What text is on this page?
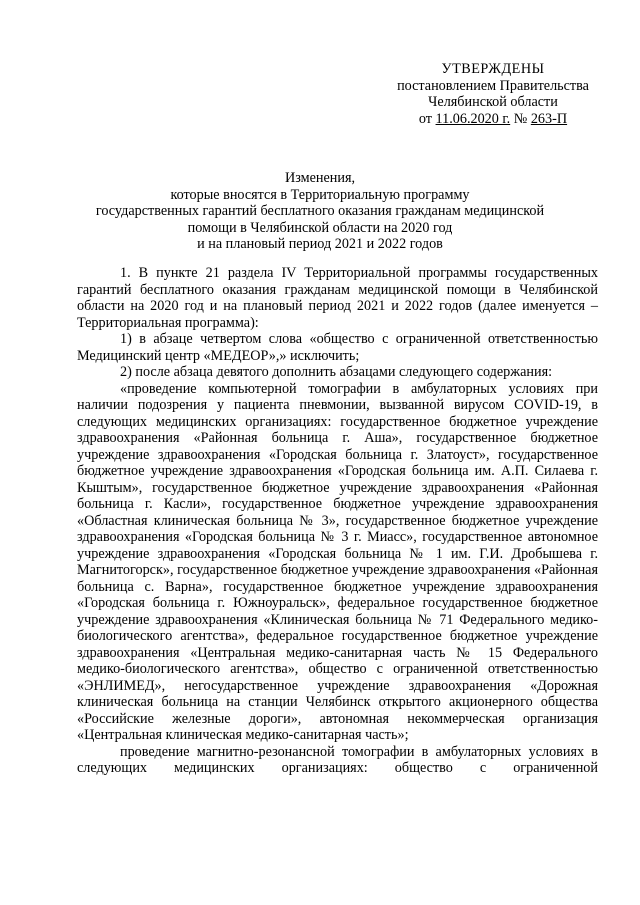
УТВЕРЖДЕНЫ
постановлением Правительства
Челябинской области
от 11.06.2020 г. № 263-П
Изменения,
которые вносятся в Территориальную программу
государственных гарантий бесплатного оказания гражданам медицинской
помощи в Челябинской области на 2020 год
и на плановый период 2021 и 2022 годов

1. В пункте 21 раздела IV Территориальной программы государственных гарантий бесплатного оказания гражданам медицинской помощи в Челябинской области на 2020 год и на плановый период 2021 и 2022 годов (далее именуется – Территориальная программа):

1) в абзаце четвертом слова «общество с ограниченной ответственностью Медицинский центр «МЕДЕОР»,» исключить;

2) после абзаца девятого дополнить абзацами следующего содержания:

«проведение компьютерной томографии в амбулаторных условиях при наличии подозрения у пациента пневмонии, вызванной вирусом COVID-19, в следующих медицинских организациях: государственное бюджетное учреждение здравоохранения «Районная больница г. Аша», государственное бюджетное учреждение здравоохранения «Городская больница г. Златоуст», государственное бюджетное учреждение здравоохранения «Городская больница им. А.П. Силаева г. Кыштым», государственное бюджетное учреждение здравоохранения «Районная больница г. Касли», государственное бюджетное учреждение здравоохранения «Областная клиническая больница № 3», государственное бюджетное учреждение здравоохранения «Городская больница № 3 г. Миасс», государственное автономное учреждение здравоохранения «Городская больница № 1 им. Г.И. Дробышева г. Магнитогорск», государственное бюджетное учреждение здравоохранения «Районная больница с. Варна», государственное бюджетное учреждение здравоохранения «Городская больница г. Южноуральск», федеральное государственное бюджетное учреждение здравоохранения «Клиническая больница № 71 Федерального медико-биологического агентства», федеральное государственное бюджетное учреждение здравоохранения «Центральная медико-санитарная часть № 15 Федерального медико-биологического агентства», общество с ограниченной ответственностью «ЭНЛИМЕД», негосударственное учреждение здравоохранения «Дорожная клиническая больница на станции Челябинск открытого акционерного общества «Российские железные дороги», автономная некоммерческая организация «Центральная клиническая медико-санитарная часть»;

проведение магнитно-резонансной томографии в амбулаторных условиях в следующих медицинских организациях: общество с ограниченной
